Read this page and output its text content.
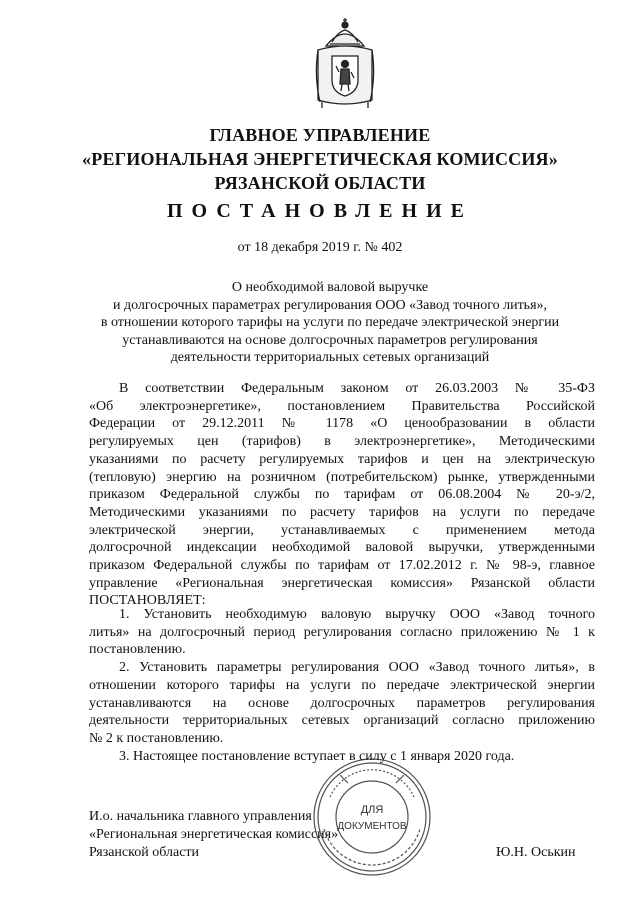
ГЛАВНОЕ УПРАВЛЕНИЕ
«РЕГИОНАЛЬНАЯ ЭНЕРГЕТИЧЕСКАЯ КОМИССИЯ»
РЯЗАНСКОЙ ОБЛАСТИ
ПОСТАНОВЛЕНИЕ
от 18 декабря 2019 г. № 402
О необходимой валовой выручке
и долгосрочных параметрах регулирования ООО «Завод точного литья»,
в отношении которого тарифы на услуги по передаче электрической энергии
устанавливаются на основе долгосрочных параметров регулирования
деятельности территориальных сетевых организаций
В соответствии Федеральным законом от 26.03.2003 № 35-ФЗ
«Об электроэнергетике», постановлением Правительства Российской
Федерации от 29.12.2011 № 1178 «О ценообразовании в области
регулируемых цен (тарифов) в электроэнергетике», Методическими
указаниями по расчету регулируемых тарифов и цен на электрическую
(тепловую) энергию на розничном (потребительском) рынке, утвержденными
приказом Федеральной службы по тарифам от 06.08.2004 № 20-э/2,
Методическими указаниями по расчету тарифов на услуги по передаче
электрической энергии, устанавливаемых с применением метода
долгосрочной индексации необходимой валовой выручки, утвержденными
приказом Федеральной службы по тарифам от 17.02.2012 г. № 98-э, главное
управление «Региональная энергетическая комиссия» Рязанской области
ПОСТАНОВЛЯЕТ:
1. Установить необходимую валовую выручку ООО «Завод точного
литья» на долгосрочный период регулирования согласно приложению № 1 к
постановлению.
2. Установить параметры регулирования ООО «Завод точного литья», в
отношении которого тарифы на услуги по передаче электрической энергии
устанавливаются на основе долгосрочных параметров регулирования
деятельности территориальных сетевых организаций согласно приложению
№ 2 к постановлению.
3. Настоящее постановление вступает в силу с 1 января 2020 года.
И.о. начальника главного управления
«Региональная энергетическая комиссия»
Рязанской области	Ю.Н. Оськин
ДЛЯ
ДОКУМЕНТОВ
